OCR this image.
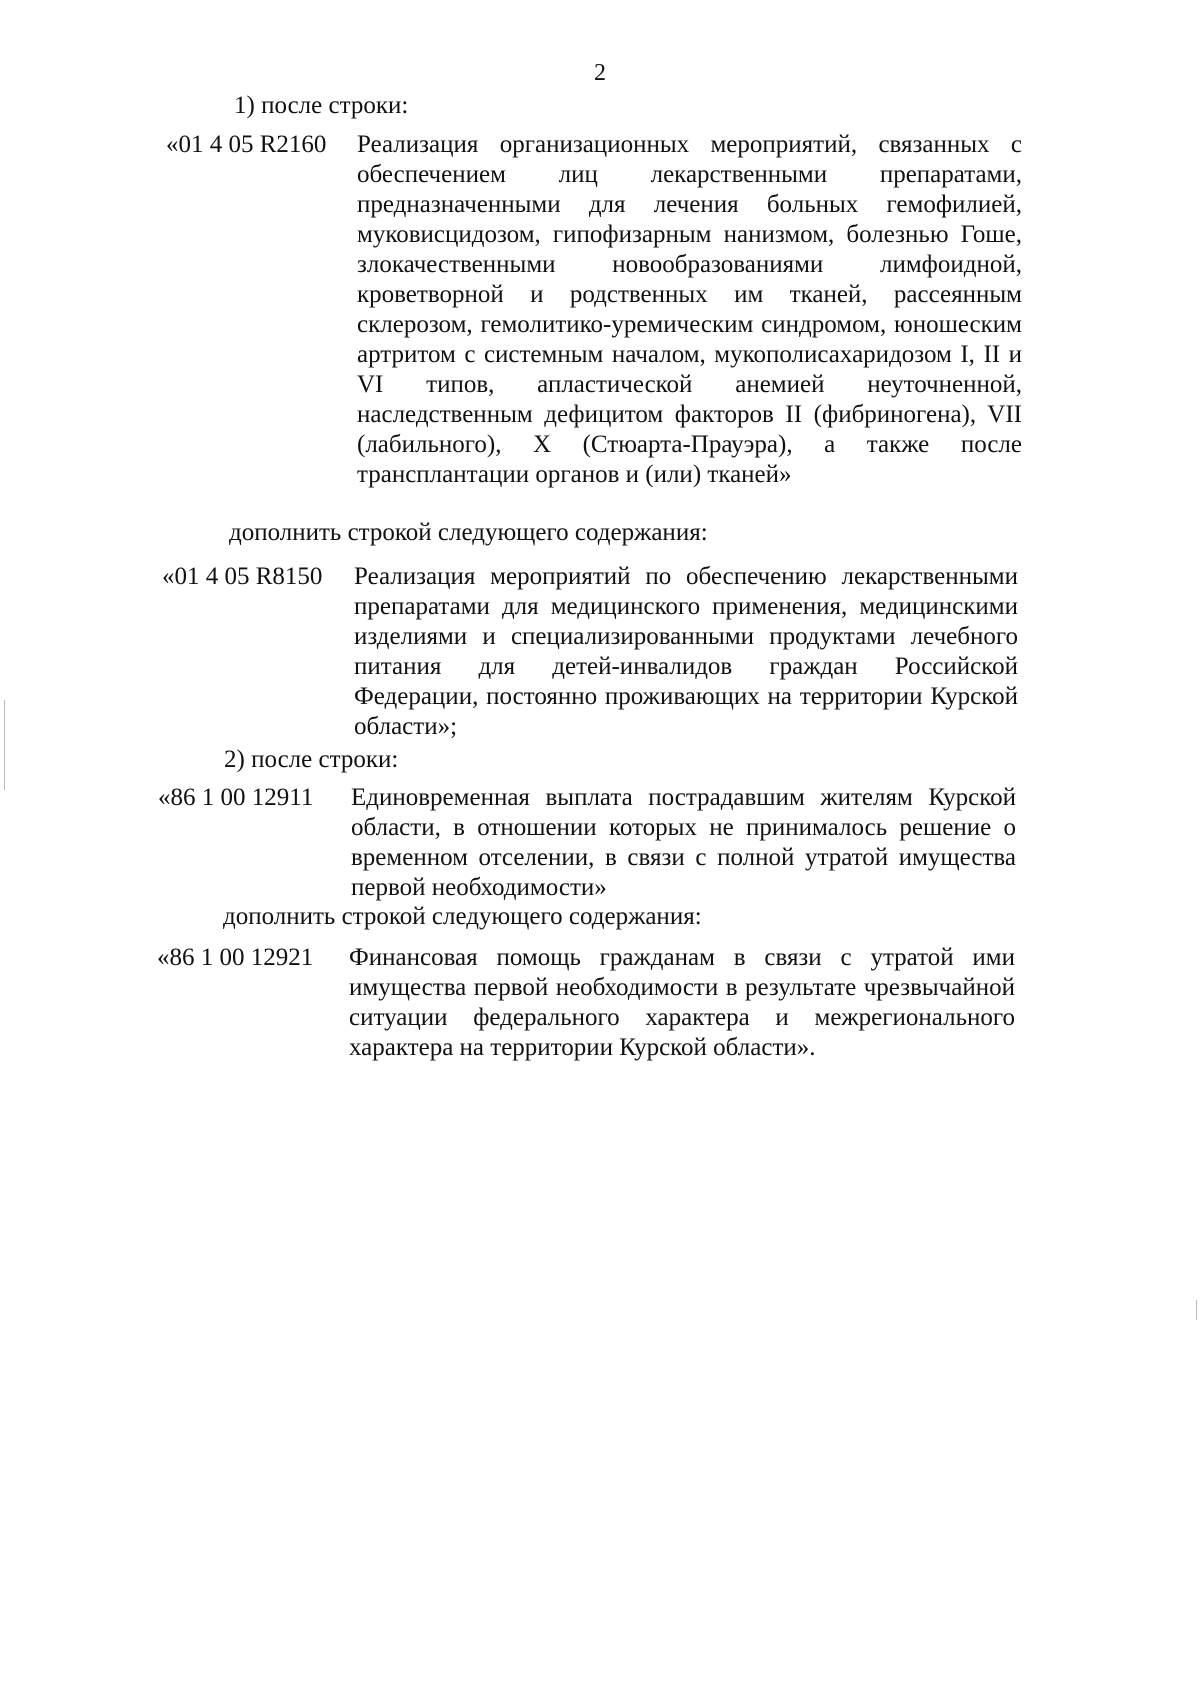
2
1) после строки:
«01 4 05 R2160 Реализация организационных мероприятий, связанных с обеспечением лиц лекарственными препаратами, предназначенными для лечения больных гемофилией, муковисцидозом, гипофизарным нанизмом, болезнью Гоше, злокачественными новообразованиями лимфоидной, кроветворной и родственных им тканей, рассеянным склерозом, гемолитико-уремическим синдромом, юношеским артритом с системным началом, мукополисахаридозом I, II и VI типов, апластической анемией неуточненной, наследственным дефицитом факторов II (фибриногена), VII (лабильного), X (Стюарта-Прауэра), а также после трансплантации органов и (или) тканей»
дополнить строкой следующего содержания:
«01 4 05 R8150 Реализация мероприятий по обеспечению лекарственными препаратами для медицинского применения, медицинскими изделиями и специализированными продуктами лечебного питания для детей-инвалидов граждан Российской Федерации, постоянно проживающих на территории Курской области»;
2) после строки:
«86 1 00 12911 Единовременная выплата пострадавшим жителям Курской области, в отношении которых не принималось решение о временном отселении, в связи с полной утратой имущества первой необходимости»
дополнить строкой следующего содержания:
«86 1 00 12921 Финансовая помощь гражданам в связи с утратой ими имущества первой необходимости в результате чрезвычайной ситуации федерального характера и межрегионального характера на территории Курской области».
